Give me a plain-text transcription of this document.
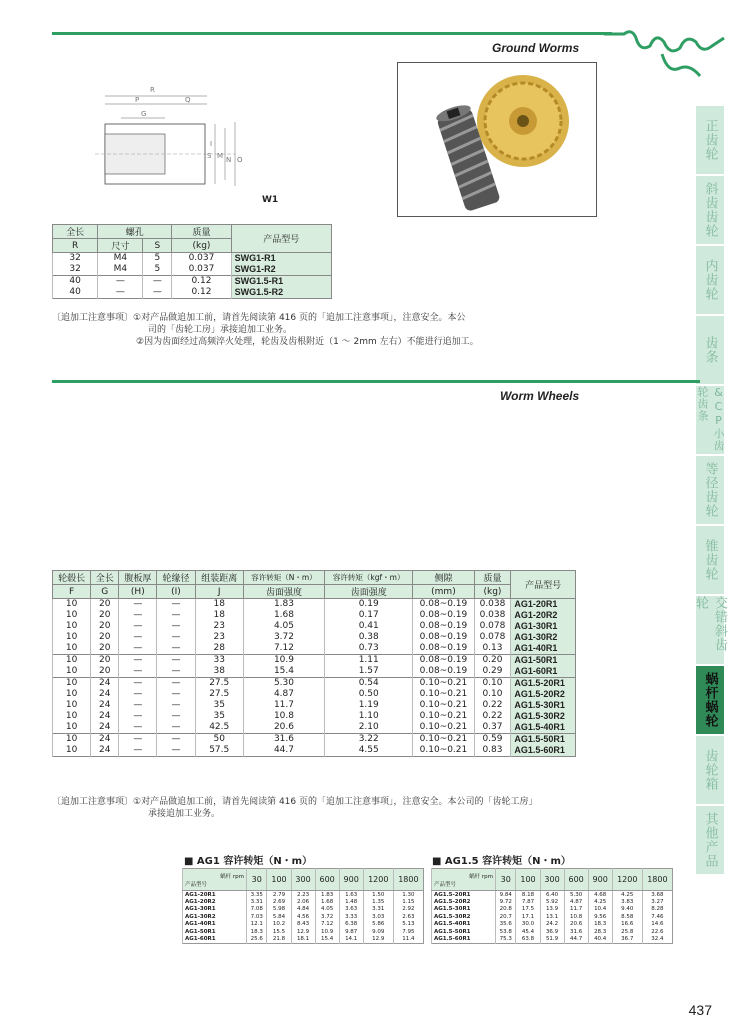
Ground Worms
R
P	Q
G
S M N O
I
W1
正齿轮
斜齿齿轮
内齿轮
齿条
&CP小齿轮齿条
等径齿轮
锥齿轮
交错斜齿轮
蜗杆蜗轮
齿轮箱
其他产品
全长	螺孔		质量	产品型号
R	尺寸	S	(kg)	
32	M4	5	0.037	SWG1-R1
32	M4	5	0.037	SWG1-R2
40	—	—	0.12	SWG1.5-R1
40	—	—	0.12	SWG1.5-R2
〔追加工注意事项〕①对产品做追加工前，请首先阅读第 416 页的「追加工注意事项」，注意安全。本公
司的「齿轮工房」承接追加工业务。
②因为齿面经过高频淬火处理，轮齿及齿根附近（1 ～ 2mm 左右）不能进行追加工。
Worm Wheels
轮毂长	全长	腹板厚	轮缘径	组装距离	容许转矩（N・m）	容许转矩（kgf・m）	侧隙	质量	产品型号
F	G	(H)	(I)	J	齿面强度	齿面强度	(mm)	(kg)	
10	20	—	—	18	1.83	0.19	0.08~0.19	0.038	AG1-20R1
10	20	—	—	18	1.68	0.17	0.08~0.19	0.038	AG1-20R2
10	20	—	—	23	4.05	0.41	0.08~0.19	0.078	AG1-30R1
10	20	—	—	23	3.72	0.38	0.08~0.19	0.078	AG1-30R2
10	20	—	—	28	7.12	0.73	0.08~0.19	0.13	AG1-40R1
10	20	—	—	33	10.9	1.11	0.08~0.19	0.20	AG1-50R1
10	20	—	—	38	15.4	1.57	0.08~0.19	0.29	AG1-60R1
10	24	—	—	27.5	5.30	0.54	0.10~0.21	0.10	AG1.5-20R1
10	24	—	—	27.5	4.87	0.50	0.10~0.21	0.10	AG1.5-20R2
10	24	—	—	35	11.7	1.19	0.10~0.21	0.22	AG1.5-30R1
10	24	—	—	35	10.8	1.10	0.10~0.21	0.22	AG1.5-30R2
10	24	—	—	42.5	20.6	2.10	0.10~0.21	0.37	AG1.5-40R1
10	24	—	—	50	31.6	3.22	0.10~0.21	0.59	AG1.5-50R1
10	24	—	—	57.5	44.7	4.55	0.10~0.21	0.83	AG1.5-60R1
〔追加工注意事项〕①对产品做追加工前，请首先阅读第 416 页的「追加工注意事项」，注意安全。本公司的「齿轮工房」
承接追加工业务。
■ AG1 容许转矩（N・m）
蜗杆 rpm
产品型号	30	100	300	600	900	1200	1800
AG1-20R1	3.35	2.79	2.23	1.83	1.63	1.50	1.30
AG1-20R2	3.31	2.69	2.06	1.68	1.48	1.35	1.15
AG1-30R1	7.08	5.98	4.84	4.05	3.63	3.31	2.92
AG1-30R2	7.03	5.84	4.56	3.72	3.33	3.03	2.63
AG1-40R1	12.1	10.2	8.43	7.12	6.38	5.86	5.13
AG1-50R1	18.3	15.5	12.9	10.9	9.87	9.09	7.95
AG1-60R1	25.6	21.8	18.1	15.4	14.1	12.9	11.4
■ AG1.5 容许转矩（N・m）
蜗杆 rpm
产品型号	30	100	300	600	900	1200	1800
AG1.5-20R1	9.84	8.18	6.40	5.30	4.68	4.25	3.68
AG1.5-20R2	9.72	7.87	5.92	4.87	4.25	3.83	3.27
AG1.5-30R1	20.8	17.5	13.9	11.7	10.4	9.40	8.28
AG1.5-30R2	20.7	17.1	13.1	10.8	9.56	8.58	7.46
AG1.5-40R1	35.6	30.0	24.2	20.6	18.3	16.6	14.6
AG1.5-50R1	53.8	45.4	36.9	31.6	28.3	25.8	22.6
AG1.5-60R1	75.3	63.8	51.9	44.7	40.4	36.7	32.4
437
